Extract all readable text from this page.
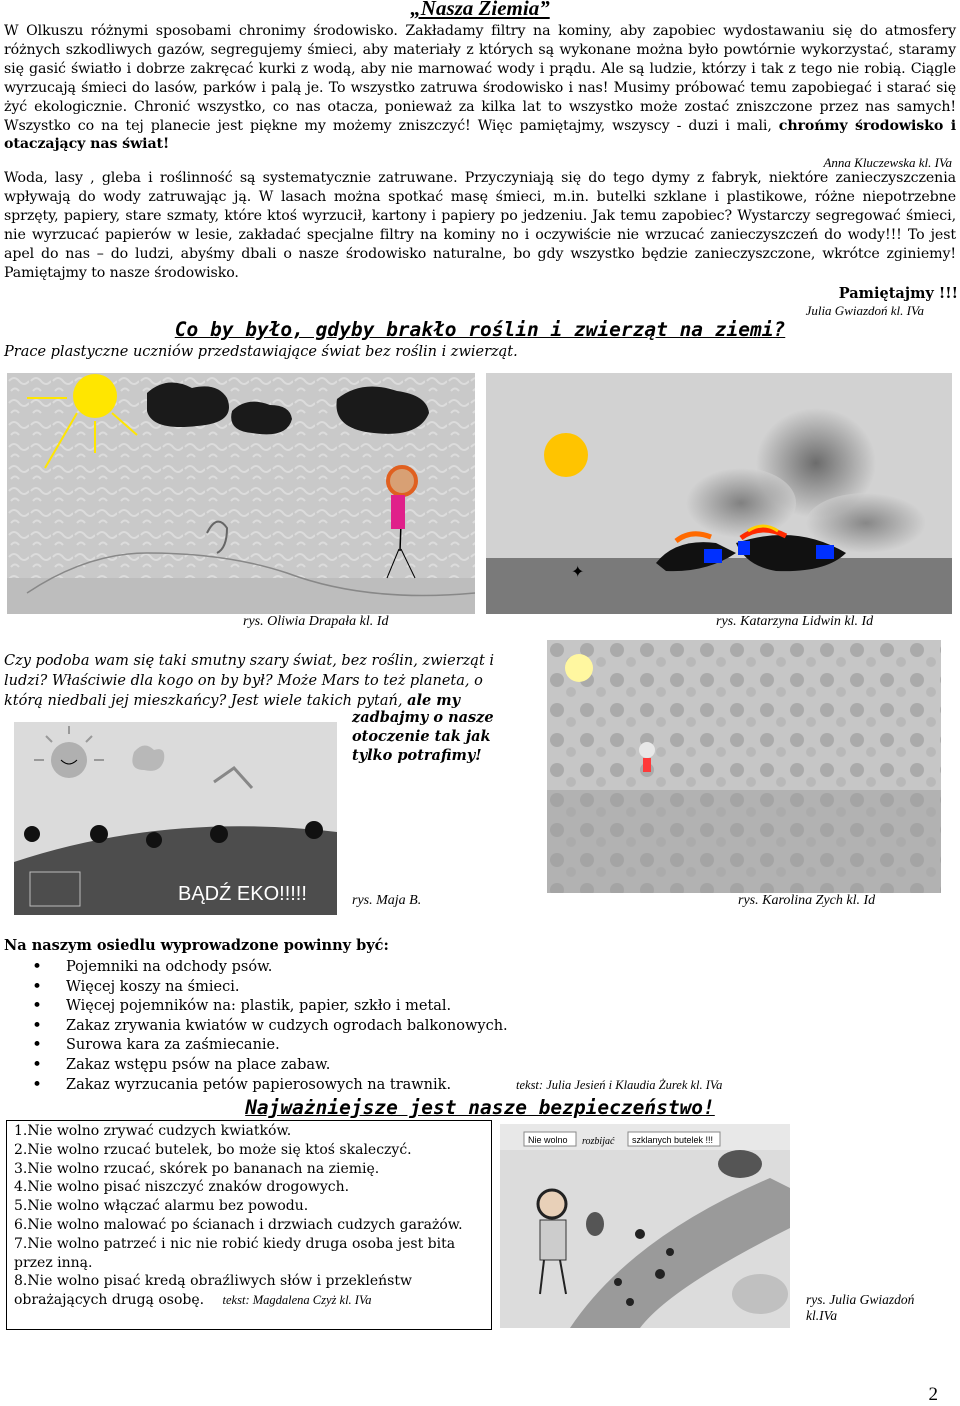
„Nasza Ziemia”
W Olkuszu różnymi sposobami chronimy środowisko. Zakładamy filtry na kominy, aby zapobiec wydostawaniu się do atmosfery różnych szkodliwych gazów, segregujemy śmieci, aby materiały z których są wykonane można było powtórnie wykorzystać, staramy się gasić światło i dobrze zakręcać kurki z wodą, aby nie marnować wody i prądu. Ale są ludzie, którzy i tak z tego nie robią. Ciągle wyrzucają śmieci do lasów, parków i palą je. To wszystko zatruwa środowisko i nas! Musimy próbować temu zapobiegać i starać się żyć ekologicznie. Chronić wszystko, co nas otacza, ponieważ za kilka lat to wszystko może zostać zniszczone przez nas samych! Wszystko co na tej planecie jest piękne my możemy zniszczyć! Więc pamiętajmy, wszyscy - duzi i mali, chrońmy środowisko i otaczający nas świat!
Anna Kluczewska kl. IVa
Woda, lasy , gleba i roślinność są systematycznie zatruwane. Przyczyniają się do tego dymy z fabryk, niektóre zanieczyszczenia wpływają do wody zatruwając ją. W lasach można spotkać masę śmieci, m.in. butelki szklane i plastikowe, różne niepotrzebne sprzęty, papiery, stare szmaty, które ktoś wyrzucił, kartony i papiery po jedzeniu. Jak temu zapobiec? Wystarczy segregować śmieci, nie wyrzucać papierów w lesie, zakładać specjalne filtry na kominy no i oczywiście nie wrzucać zanieczyszczeń do wody!!! To jest apel do nas – do ludzi, abyśmy dbali o nasze środowisko naturalne, bo gdy wszystko będzie zanieczyszczone, wkrótce zginiemy! Pamiętajmy to nasze środowisko.
Pamiętajmy !!!
Julia Gwiazdoń kl. IVa
Co by było, gdyby brakło roślin i zwierząt na ziemi?
Prace plastyczne uczniów przedstawiające świat bez roślin i zwierząt.
✦
rys. Oliwia Drapała kl. Id	rys. Katarzyna Lidwin kl. Id
Czy podoba wam się taki smutny szary świat, bez roślin, zwierząt i ludzi? Właściwie dla kogo on by był? Może Mars to też planeta, o którą niedbali jej mieszkańcy? Jest wiele takich pytań, ale my
zadbajmy o nasze otoczenie tak jak tylko potrafimy!
BĄDŹ EKO!!!!!	rys. Maja B.	rys. Karolina Zych kl. Id
Na naszym osiedlu wyprowadzone powinny być:
• Pojemniki na odchody psów.
• Więcej koszy na śmieci.
• Więcej pojemników na: plastik, papier, szkło i metal.
• Zakaz zrywania kwiatów w cudzych ogrodach balkonowych.
• Surowa kara za zaśmiecanie.
• Zakaz wstępu psów na place zabaw.
• Zakaz wyrzucania petów papierosowych na trawnik.	tekst: Julia Jesień i Klaudia Żurek kl. IVa
Najważniejsze jest nasze bezpieczeństwo!
1.Nie wolno zrywać cudzych kwiatków.
2.Nie wolno rzucać butelek, bo może się ktoś skaleczyć.
3.Nie wolno rzucać, skórek po bananach na ziemię.
4.Nie wolno pisać niszczyć znaków drogowych.
5.Nie wolno włączać alarmu bez powodu.
6.Nie wolno malować po ścianach i drzwiach cudzych garażów.
7.Nie wolno patrzeć i nic nie robić kiedy druga osoba jest bita przez inną.
8.Nie wolno pisać kredą obraźliwych słów i przekleństw obrażających drugą osobę. tekst: Magdalena Czyż kl. IVa
Nie wolno rozbijać szklanych butelek !!!
rys. Julia Gwiazdoń kl.IVa
2
